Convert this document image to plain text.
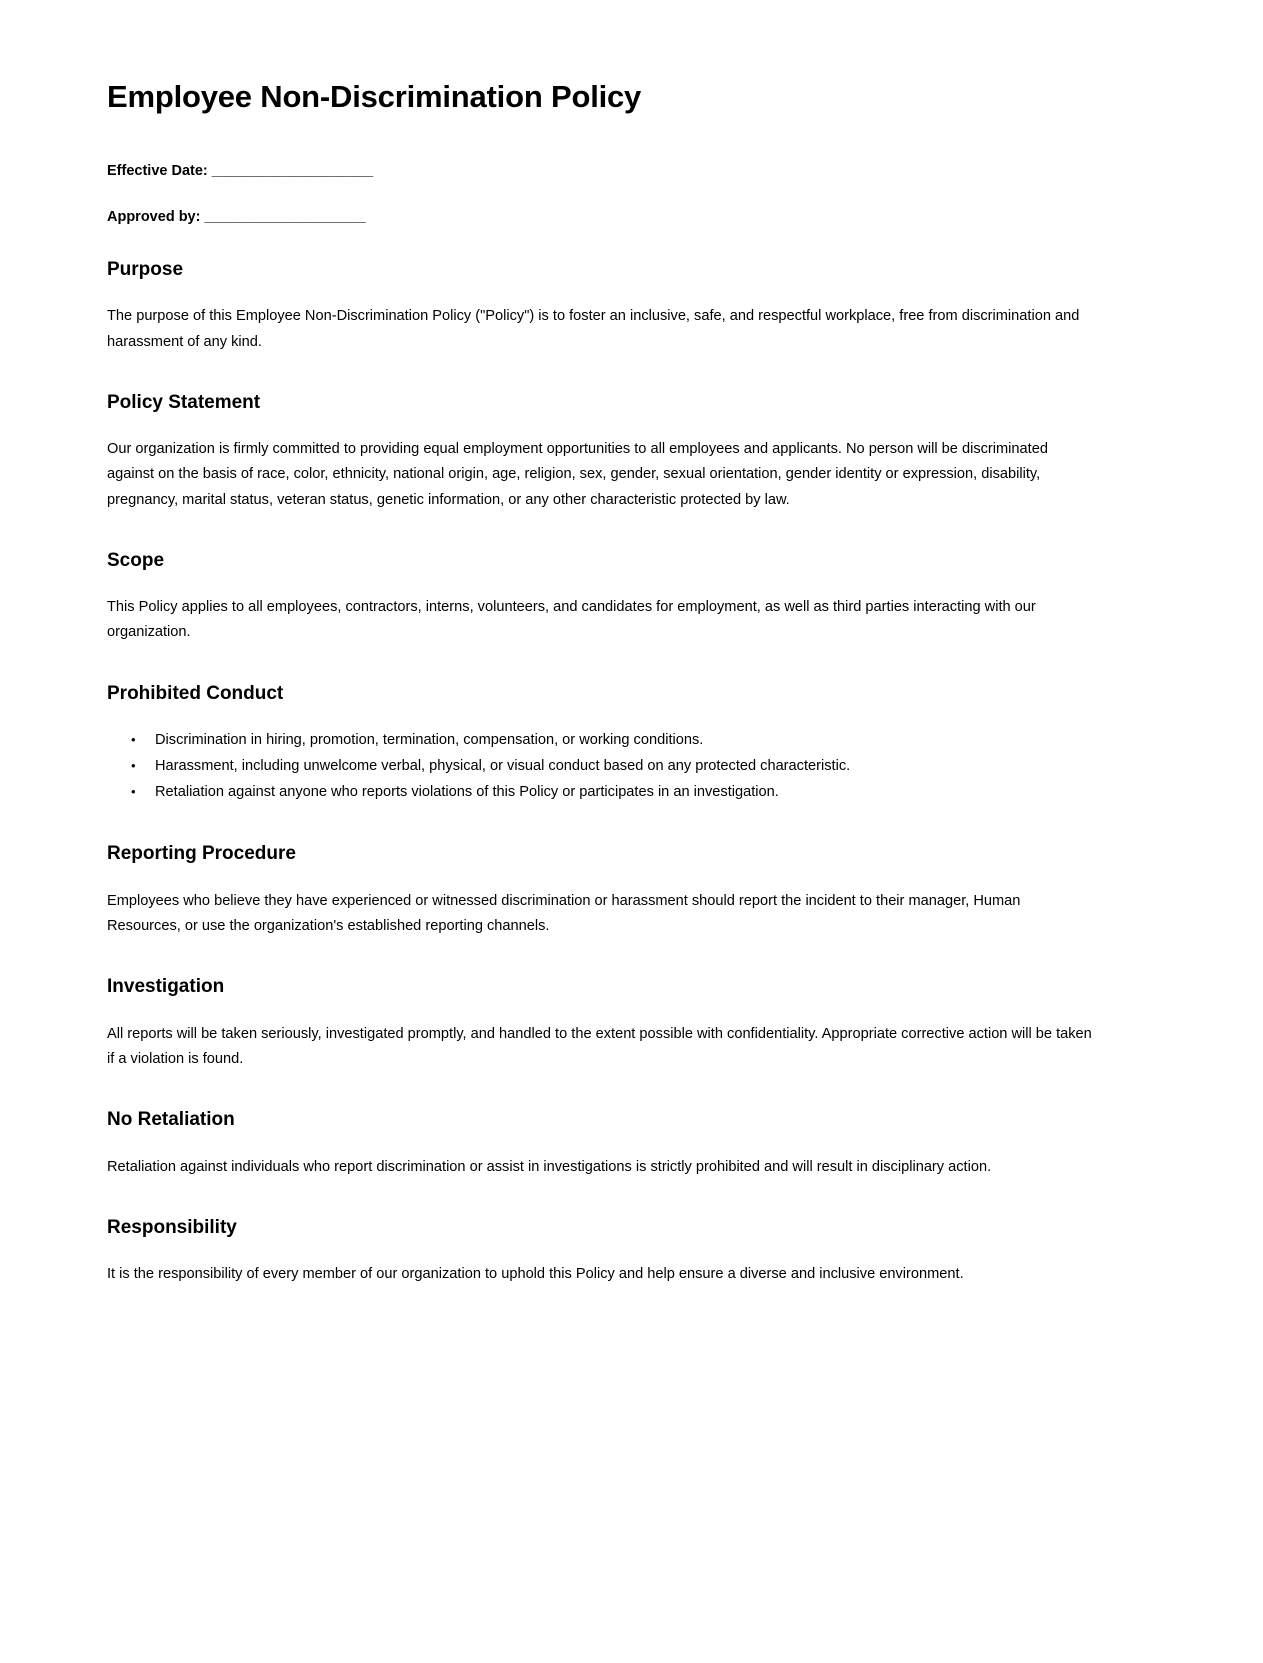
Employee Non-Discrimination Policy

Effective Date: ____________________

Approved by: ____________________

Purpose

The purpose of this Employee Non-Discrimination Policy ("Policy") is to foster an inclusive, safe, and respectful workplace, free from discrimination and harassment of any kind.

Policy Statement

Our organization is firmly committed to providing equal employment opportunities to all employees and applicants. No person will be discriminated against on the basis of race, color, ethnicity, national origin, age, religion, sex, gender, sexual orientation, gender identity or expression, disability, pregnancy, marital status, veteran status, genetic information, or any other characteristic protected by law.

Scope

This Policy applies to all employees, contractors, interns, volunteers, and candidates for employment, as well as third parties interacting with our organization.

Prohibited Conduct
• Discrimination in hiring, promotion, termination, compensation, or working conditions.
• Harassment, including unwelcome verbal, physical, or visual conduct based on any protected characteristic.
• Retaliation against anyone who reports violations of this Policy or participates in an investigation.
Reporting Procedure

Employees who believe they have experienced or witnessed discrimination or harassment should report the incident to their manager, Human Resources, or use the organization's established reporting channels.

Investigation

All reports will be taken seriously, investigated promptly, and handled to the extent possible with confidentiality. Appropriate corrective action will be taken if a violation is found.

No Retaliation

Retaliation against individuals who report discrimination or assist in investigations is strictly prohibited and will result in disciplinary action.

Responsibility

It is the responsibility of every member of our organization to uphold this Policy and help ensure a diverse and inclusive environment.
